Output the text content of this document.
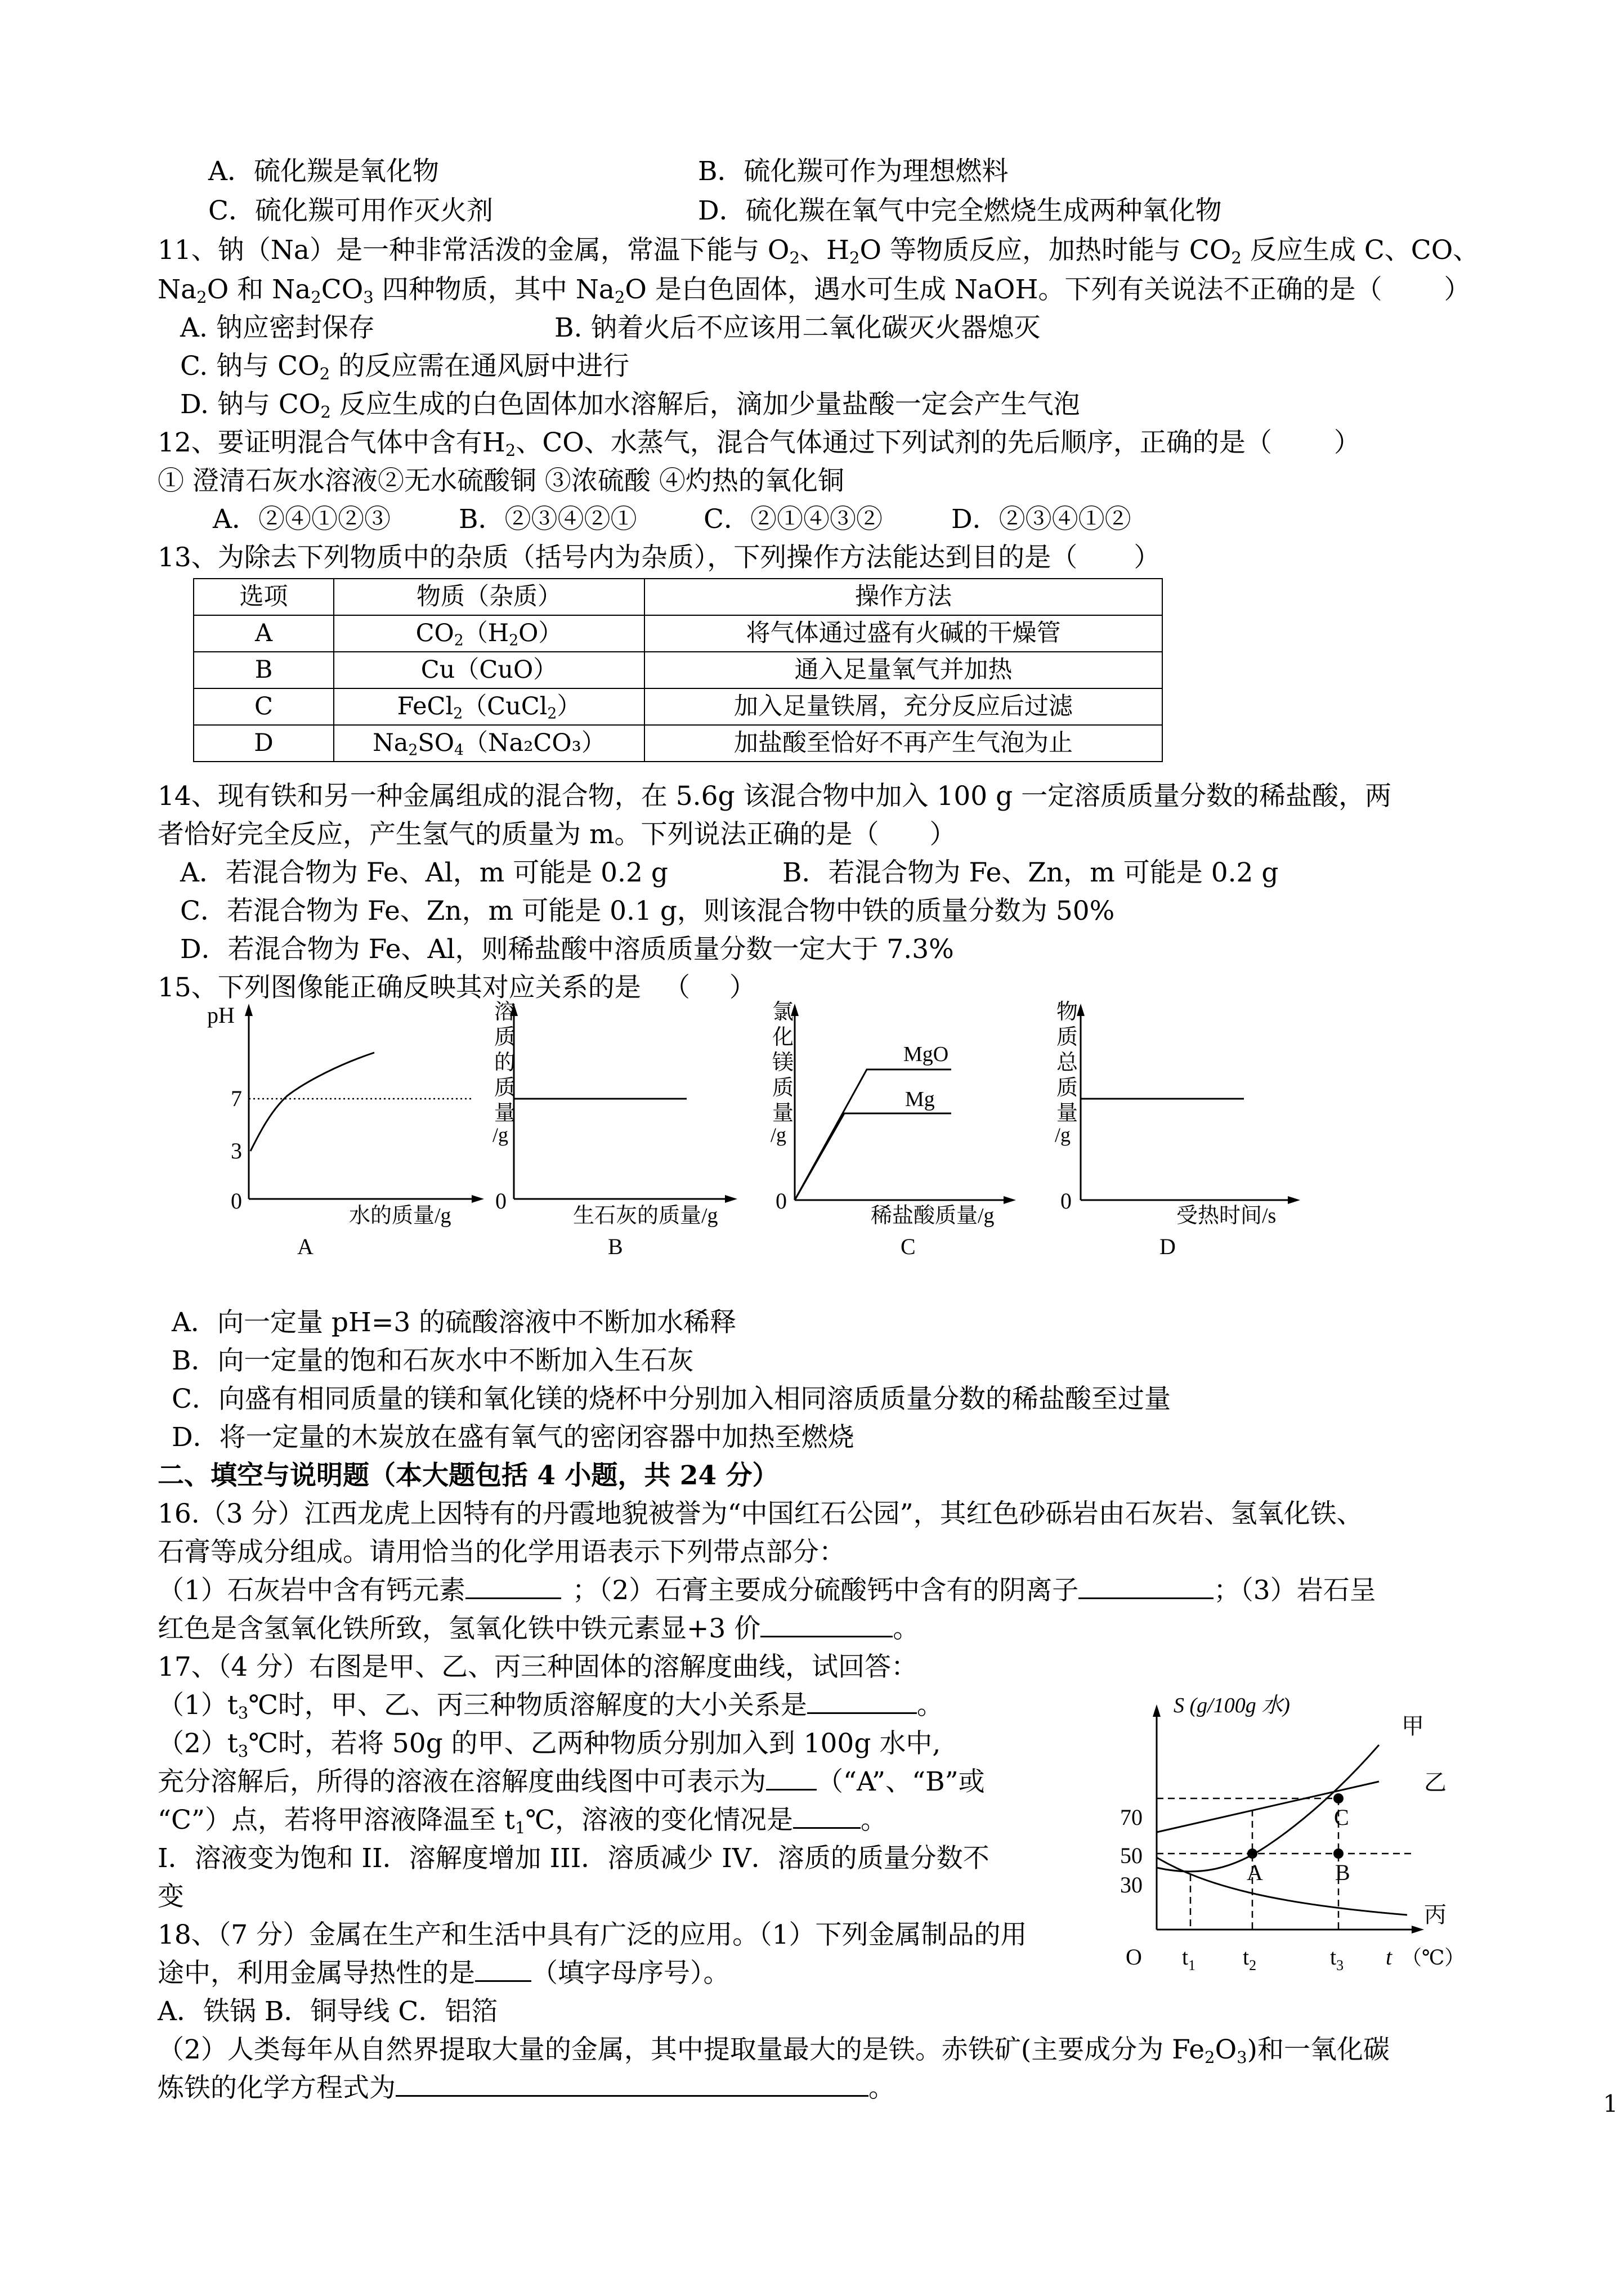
A．硫化羰是氧化物	B．硫化羰可作为理想燃料
C．硫化羰可用作灭火剂	D．硫化羰在氧气中完全燃烧生成两种氧化物
11、钠（Na）是一种非常活泼的金属，常温下能与 $O_2$、$H_2O$ 等物质反应，加热时能与 $CO_2$ 反应生成 C、CO、
$Na_2O$ 和 $Na_2CO_3$ 四种物质，其中 $Na_2O$ 是白色固体，遇水可生成 NaOH。下列有关说法不正确的是（ ）
A. 钠应密封保存	B. 钠着火后不应该用二氧化碳灭火器熄灭
C. 钠与 $CO_2$ 的反应需在通风厨中进行
D. 钠与 $CO_2$ 反应生成的白色固体加水溶解后，滴加少量盐酸一定会产生气泡
12、要证明混合气体中含有$H_2$、CO、水蒸气，混合气体通过下列试剂的先后顺序，正确的是（ ）
① 澄清石灰水溶液②无水硫酸铜 ③浓硫酸 ④灼热的氧化铜
A．②④①②③	B．②③④②①	C．②①④③②	D．②③④①②
13、为除去下列物质中的杂质（括号内为杂质），下列操作方法能达到目的是（ ）
选项	物质（杂质）	操作方法
A	$CO_2(H_2O)$	将气体通过盛有火碱的干燥管
B	Cu（CuO）	通入足量氧气并加热
C	FeCl$_2$（CuCl$_2$）	加入足量铁屑，充分反应后过滤
D	$Na_2SO_4(Na_2CO_3)$	加盐酸至恰好不再产生气泡为止
14、现有铁和另一种金属组成的混合物，在 5.6g 该混合物中加入 100 g 一定溶质质量分数的稀盐酸，两
者恰好完全反应，产生氢气的质量为 m。下列说法正确的是（ ）
A．若混合物为 Fe、Al，m 可能是 0.2 g	B．若混合物为 Fe、Zn，m 可能是 0.2 g
C．若混合物为 Fe、Zn，m 可能是 0.1 g，则该混合物中铁的质量分数为 50%
D．若混合物为 Fe、Al，则稀盐酸中溶质质量分数一定大于 7.3%
15、下列图像能正确反映其对应关系的是 （ ）
pH
7
3
0
水的质量/g
A
溶
质
的
质
量
/g
0
生石灰的质量/g
B
氯
化
镁
质
量
/g
0
MgO
Mg
稀盐酸质量/g
C
物
质
总
质
量
/g
0
受热时间/s
D
A．向一定量 pH=3 的硫酸溶液中不断加水稀释
B．向一定量的饱和石灰水中不断加入生石灰
C．向盛有相同质量的镁和氧化镁的烧杯中分别加入相同溶质质量分数的稀盐酸至过量
D．将一定量的木炭放在盛有氧气的密闭容器中加热至燃烧
二、填空与说明题（本大题包括 4 小题，共 24 分）
16.（3 分）江西龙虎上因特有的丹霞地貌被誉为“中国红石公园”，其红色砂砾岩由石灰岩、氢氧化铁、
石膏等成分组成。请用恰当的化学用语表示下列带点部分：
（1）石灰岩中含有钙元素	；（2）石膏主要成分硫酸钙中含有的阴离子	；（3）岩石呈
红色是含氢氧化铁所致，氢氧化铁中铁元素显+3 价	。
17、（4 分）右图是甲、乙、丙三种固体的溶解度曲线，试回答：
$(1)t_3℃$时，甲、乙、丙三种物质溶解度的大小关系是	。
$(2)t_3℃$时，若将 50g 的甲、乙两种物质分别加入到 100g 水中,
充分溶解后，所得的溶液在溶解度曲线图中可表示为 （“A”、“B”或
“C”）点，若将甲溶液降温至 $t_1℃$，溶液的变化情况是	。
I．溶液变为饱和 II．溶解度增加 III．溶质减少 IV．溶质的质量分数不
变
S (g/100g 水)
70
50
30
O
A	B
C
甲
乙
丙
$t_1$ $t_2$	$t_3$ t （℃）
18、（7 分）金属在生产和生活中具有广泛的应用。（1）下列金属制品的用
途中，利用金属导热性的是 （填字母序号）。
A．铁锅 B．铜导线 C．铝箔
（2）人类每年从自然界提取大量的金属，其中提取量最大的是铁。赤铁矿(主要成分为 $Fe_2O_3$)和一氧化碳
炼铁的化学方程式为	。
1
